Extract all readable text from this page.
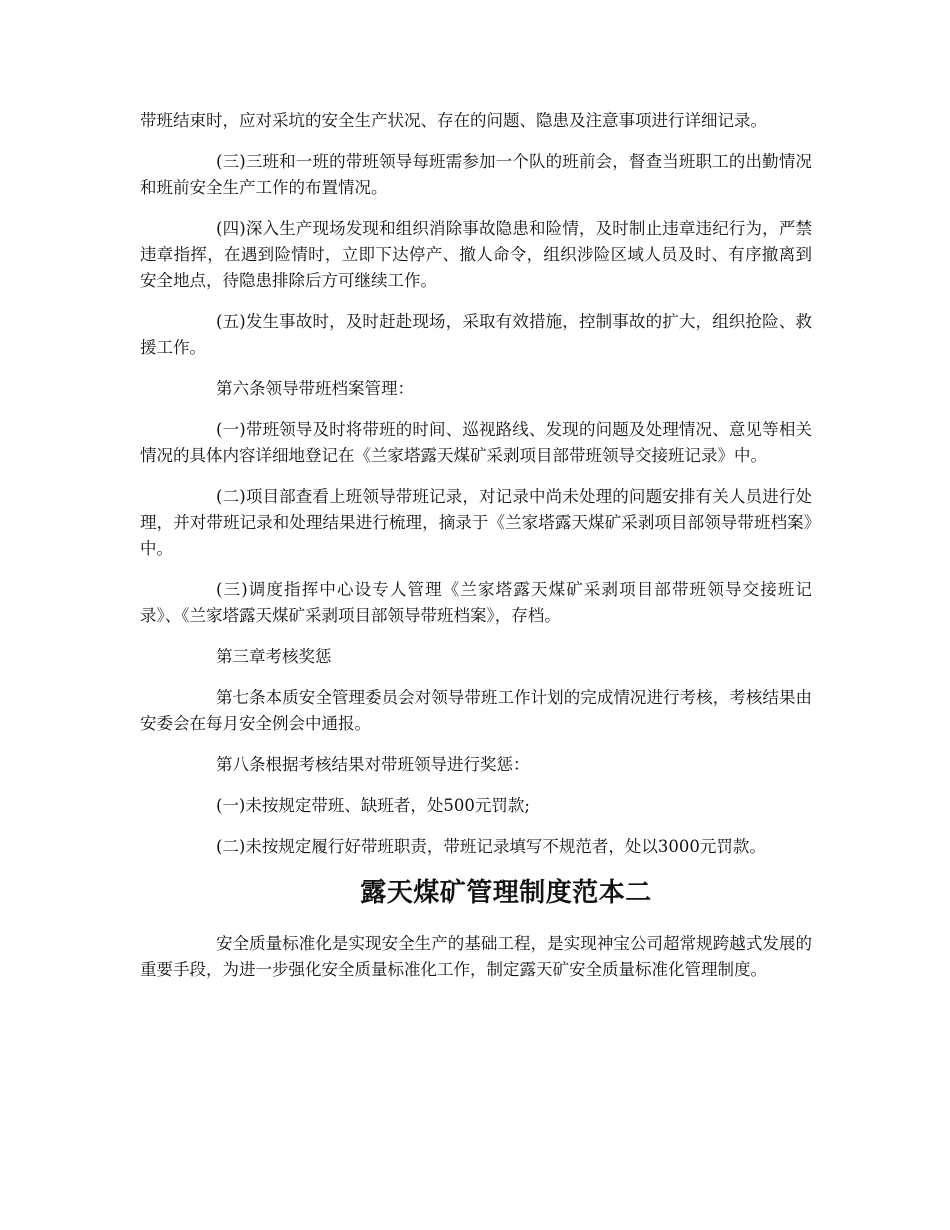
带班结束时，应对采坑的安全生产状况、存在的问题、隐患及注意事项进行详细记录。

(三)三班和一班的带班领导每班需参加一个队的班前会，督查当班职工的出勤情况和班前安全生产工作的布置情况。

(四)深入生产现场发现和组织消除事故隐患和险情，及时制止违章违纪行为，严禁违章指挥，在遇到险情时，立即下达停产、撤人命令，组织涉险区域人员及时、有序撤离到安全地点，待隐患排除后方可继续工作。

(五)发生事故时，及时赶赴现场，采取有效措施，控制事故的扩大，组织抢险、救援工作。

第六条领导带班档案管理：

(一)带班领导及时将带班的时间、巡视路线、发现的问题及处理情况、意见等相关情况的具体内容详细地登记在《兰家塔露天煤矿采剥项目部带班领导交接班记录》中。

(二)项目部查看上班领导带班记录，对记录中尚未处理的问题安排有关人员进行处理，并对带班记录和处理结果进行梳理，摘录于《兰家塔露天煤矿采剥项目部领导带班档案》中。

(三)调度指挥中心设专人管理《兰家塔露天煤矿采剥项目部带班领导交接班记录》、《兰家塔露天煤矿采剥项目部领导带班档案》，存档。

第三章考核奖惩

第七条本质安全管理委员会对领导带班工作计划的完成情况进行考核，考核结果由安委会在每月安全例会中通报。

第八条根据考核结果对带班领导进行奖惩：

(一)未按规定带班、缺班者，处500元罚款;

(二)未按规定履行好带班职责，带班记录填写不规范者，处以3000元罚款。

露天煤矿管理制度范本二

安全质量标准化是实现安全生产的基础工程，是实现神宝公司超常规跨越式发展的重要手段，为进一步强化安全质量标准化工作，制定露天矿安全质量标准化管理制度。
